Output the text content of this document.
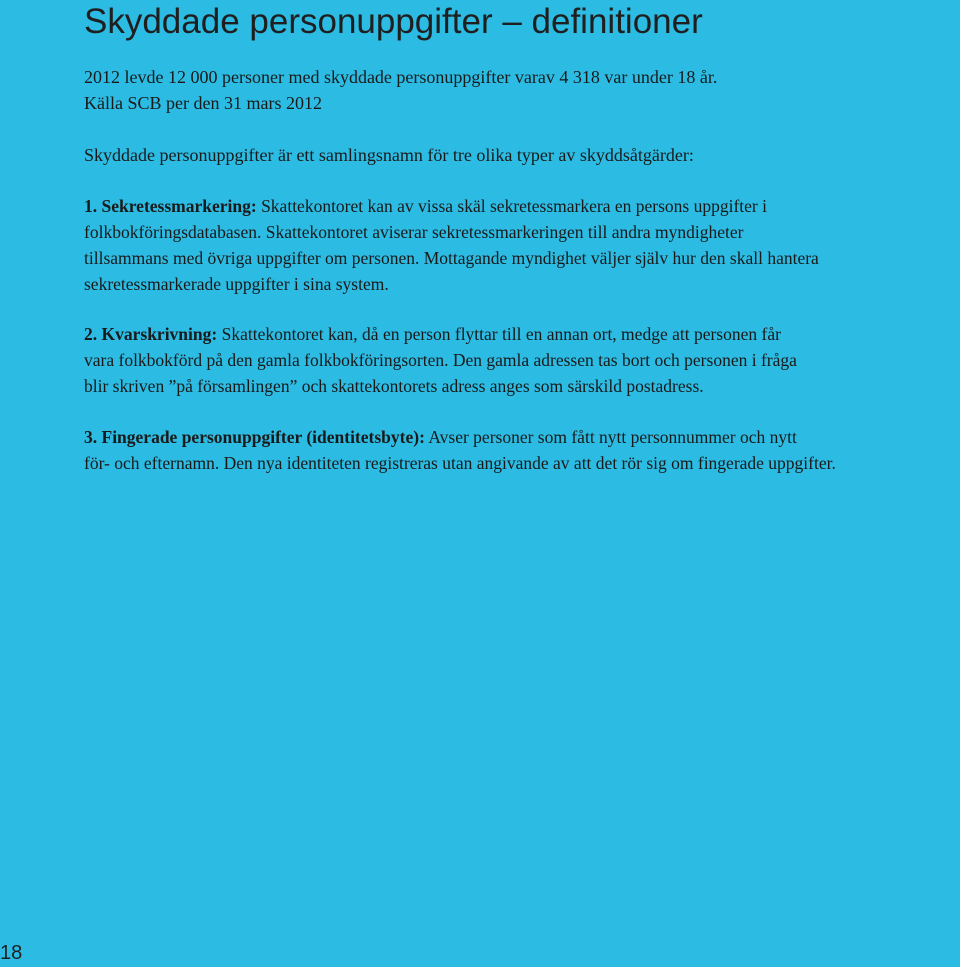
Skyddade personuppgifter – definitioner

2012 levde 12 000 personer med skyddade personuppgifter varav 4 318 var under 18 år.

Källa SCB per den 31 mars 2012

Skyddade personuppgifter är ett samlingsnamn för tre olika typer av skyddsåtgärder:

1. Sekretessmarkering: Skattekontoret kan av vissa skäl sekretessmarkera en persons uppgifter i
folkbokföringsdatabasen. Skattekontoret aviserar sekretessmarkeringen till andra myndigheter
tillsammans med övriga uppgifter om personen. Mottagande myndighet väljer själv hur den skall hantera
sekretessmarkerade uppgifter i sina system.
2. Kvarskrivning: Skattekontoret kan, då en person flyttar till en annan ort, medge att personen får
vara folkbokförd på den gamla folkbokföringsorten. Den gamla adressen tas bort och personen i fråga
blir skriven ”på församlingen” och skattekontorets adress anges som särskild postadress.
3. Fingerade personuppgifter (identitetsbyte): Avser personer som fått nytt personnummer och nytt
för- och efternamn. Den nya identiteten registreras utan angivande av att det rör sig om fingerade uppgifter.
18
